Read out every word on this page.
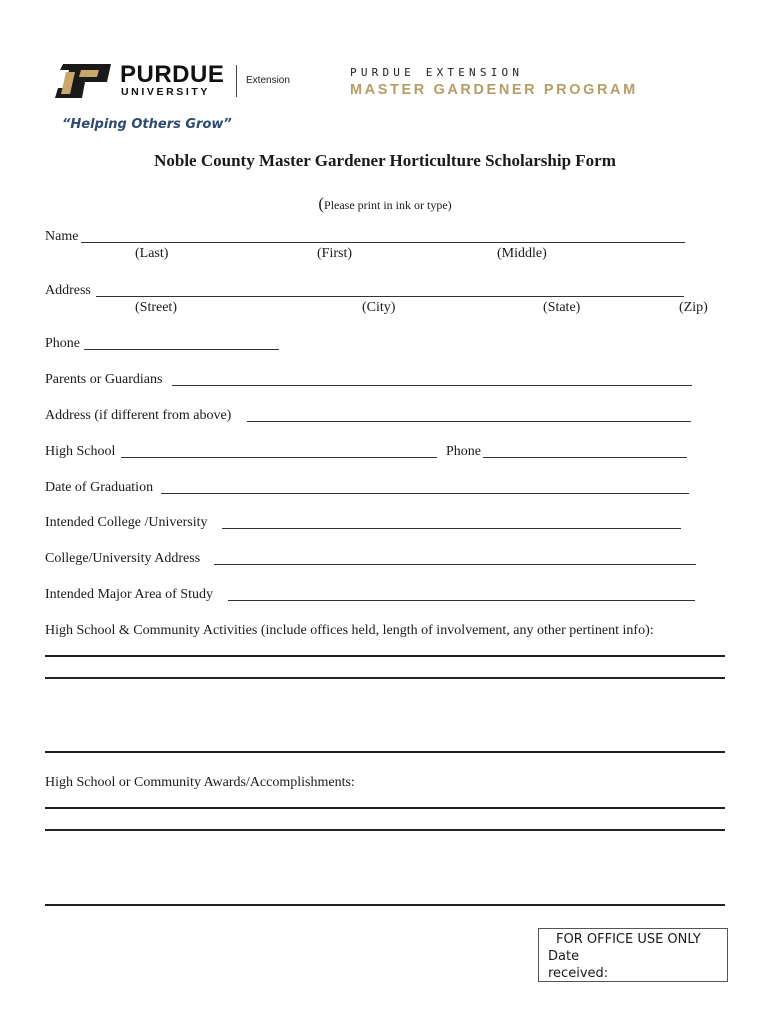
PURDUE
UNIVERSITY
Extension
PURDUE EXTENSION
MASTER GARDENER PROGRAM
“Helping Others Grow”
Noble County Master Gardener Horticulture Scholarship Form
(Please print in ink or type)
Name
(Last)	(First)	(Middle)
Address
(Street)	(City)	(State)	(Zip)
Phone
Parents or Guardians
Address (if different from above)
High School	Phone
Date of Graduation
Intended College /University
College/University Address
Intended Major Area of Study
High School & Community Activities (include offices held, length of involvement, any other pertinent info):
High School or Community Awards/Accomplishments:
FOR OFFICE USE ONLY
Date
received:
